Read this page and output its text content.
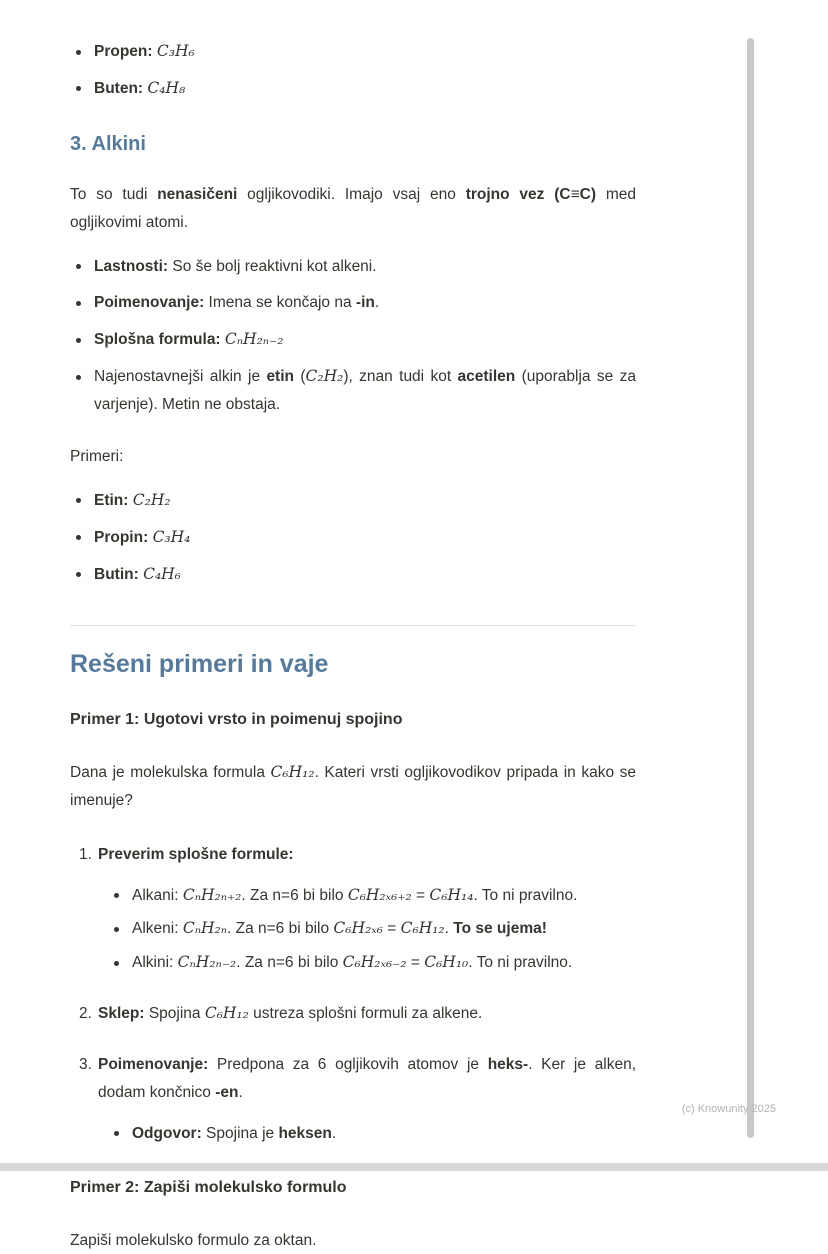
Propen: C₃H₆
Buten: C₄H₈
3. Alkini

To so tudi nenasičeni ogljikovodiki. Imajo vsaj eno trojno vez (C≡C) med ogljikovimi atomi.

Lastnosti: So še bolj reaktivni kot alkeni.
Poimenovanje: Imena se končajo na -in.
Splošna formula: CₙH₂ₙ₋₂
Najenostavnejši alkin je etin (C₂H₂), znan tudi kot acetilen (uporablja se za varjenje). Metin ne obstaja.

Primeri:

Etin: C₂H₂
Propin: C₃H₄
Butin: C₄H₆
Rešeni primeri in vaje

Primer 1: Ugotovi vrsto in poimenuj spojino

Dana je molekulska formula C₆H₁₂. Kateri vrsti ogljikovodikov pripada in kako se imenuje?

1. Preverim splošne formule:
Alkani: CₙH₂ₙ₊₂. Za n=6 bi bilo C₆H₂ₓ₆₊₂ = C₆H₁₄. To ni pravilno.
Alkeni: CₙH₂ₙ. Za n=6 bi bilo C₆H₂ₓ₆ = C₆H₁₂. To se ujema!
Alkini: CₙH₂ₙ₋₂. Za n=6 bi bilo C₆H₂ₓ₆₋₂ = C₆H₁₀. To ni pravilno.
2. Sklep: Spojina C₆H₁₂ ustreza splošni formuli za alkene.
3. Poimenovanje: Predpona za 6 ogljikovih atomov je heks-. Ker je alken, dodam končnico -en.
Odgovor: Spojina je heksen.

Primer 2: Zapiši molekulsko formulo

Zapiši molekulsko formulo za oktan.

(c) Knowunity 2025
